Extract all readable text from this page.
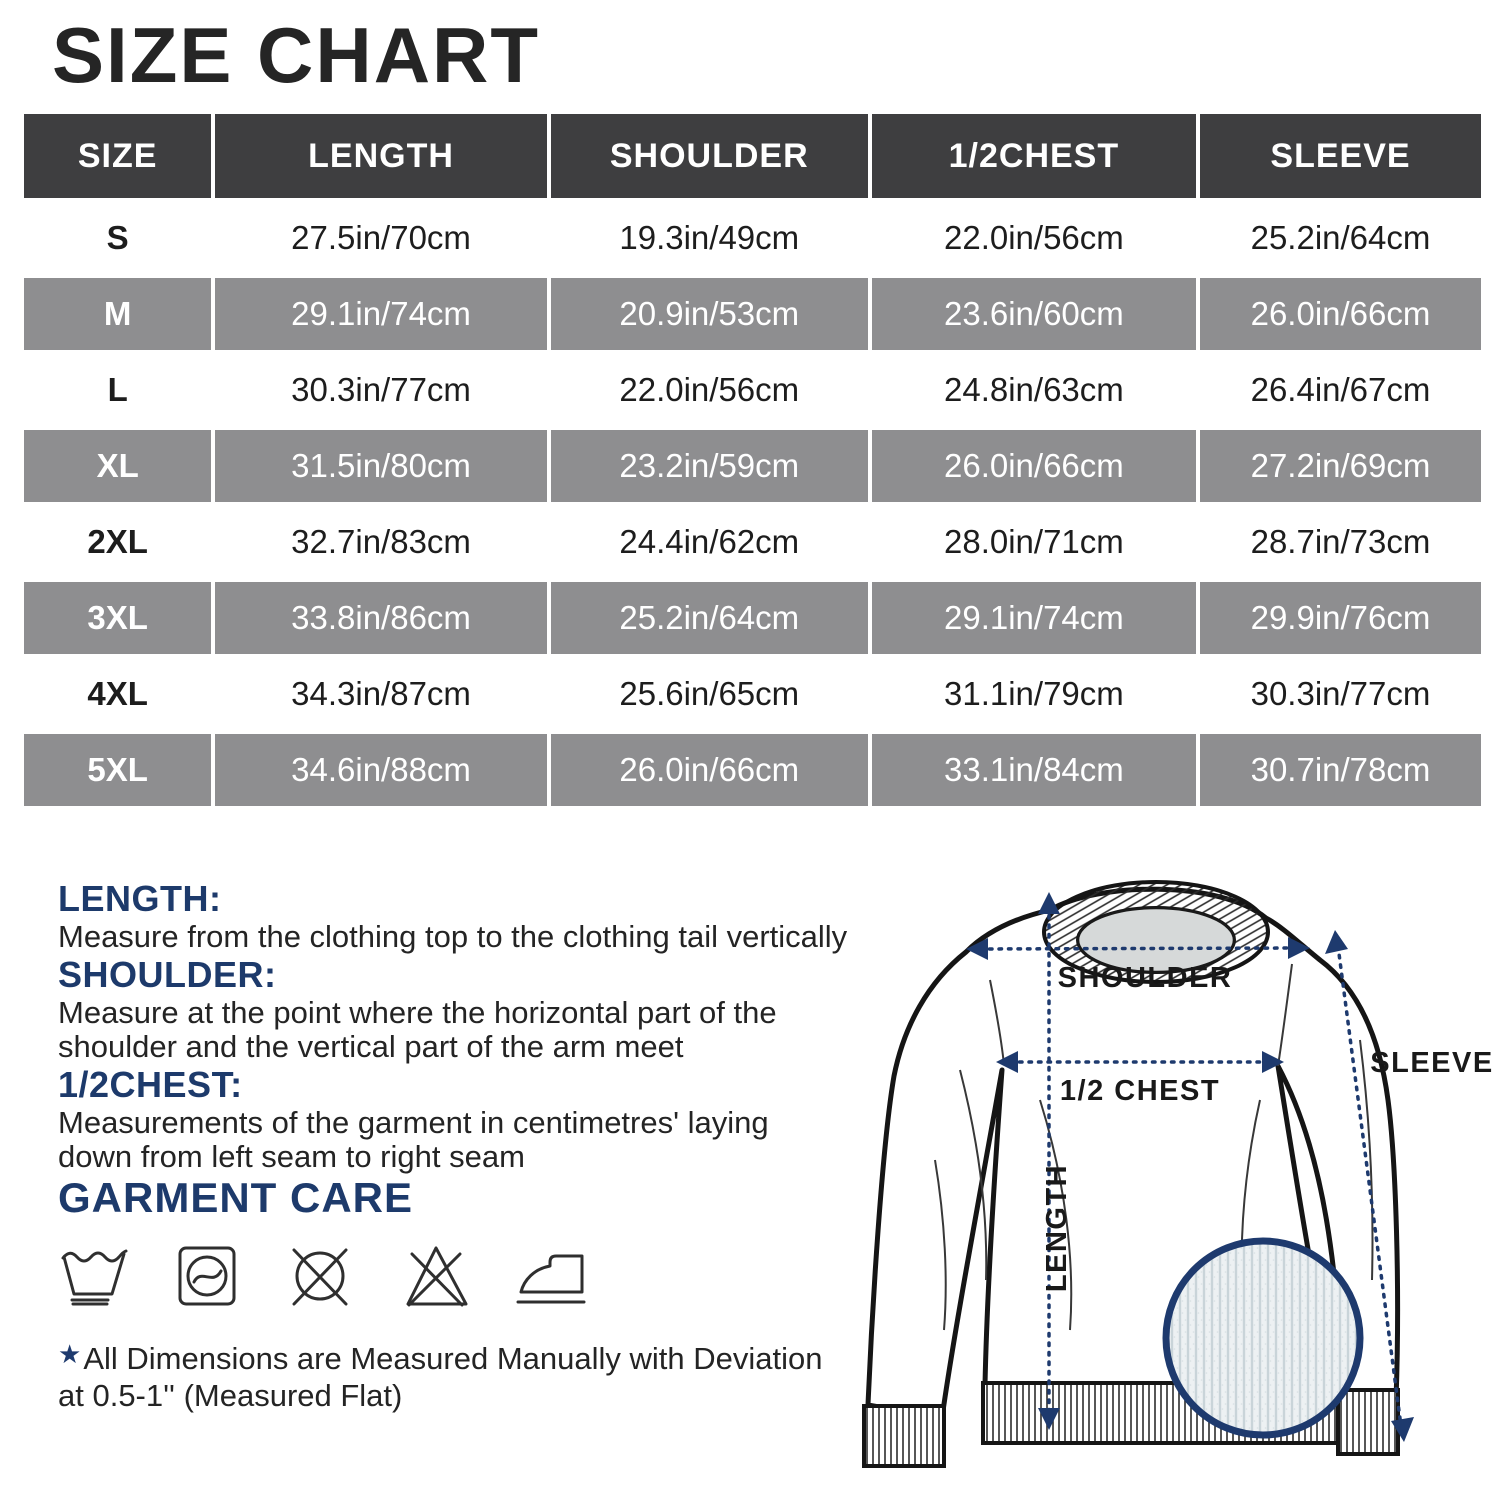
SIZE CHART
SIZE	LENGTH	SHOULDER	1/2CHEST	SLEEVE
S	27.5in/70cm	19.3in/49cm	22.0in/56cm	25.2in/64cm
M	29.1in/74cm	20.9in/53cm	23.6in/60cm	26.0in/66cm
L	30.3in/77cm	22.0in/56cm	24.8in/63cm	26.4in/67cm
XL	31.5in/80cm	23.2in/59cm	26.0in/66cm	27.2in/69cm
2XL	32.7in/83cm	24.4in/62cm	28.0in/71cm	28.7in/73cm
3XL	33.8in/86cm	25.2in/64cm	29.1in/74cm	29.9in/76cm
4XL	34.3in/87cm	25.6in/65cm	31.1in/79cm	30.3in/77cm
5XL	34.6in/88cm	26.0in/66cm	33.1in/84cm	30.7in/78cm
LENGTH:

Measure from the clothing top to the clothing tail vertically

SHOULDER:

Measure at the point where the horizontal part of the shoulder and the vertical part of the arm meet

1/2CHEST:

Measurements of the garment in centimetres' laying down from left seam to right seam

GARMENT CARE
★All Dimensions are Measured Manually with Deviation at 0.5-1'' (Measured Flat)
SHOULDER
1/2 CHEST
LENGTH
SLEEVE
